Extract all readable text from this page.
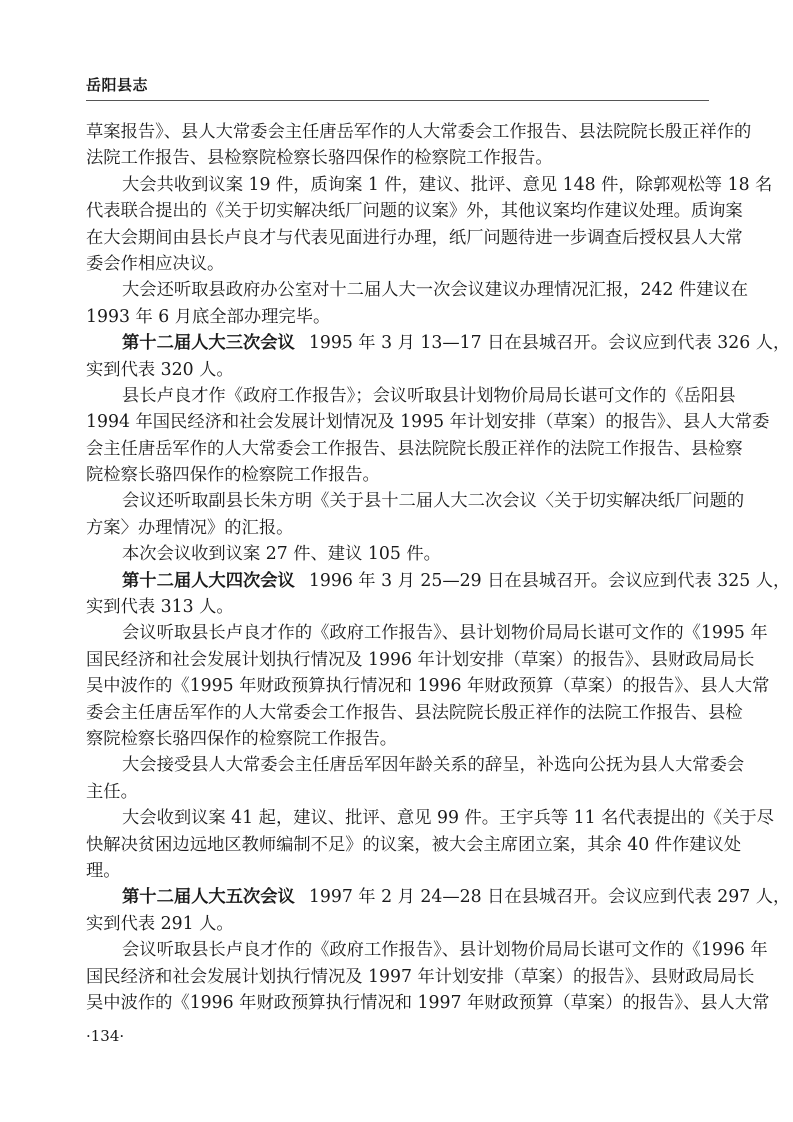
岳阳县志
草案报告》、县人大常委会主任唐岳军作的人大常委会工作报告、县法院院长殷正祥作的
法院工作报告、县检察院检察长骆四保作的检察院工作报告。
大会共收到议案 19 件，质询案 1 件，建议、批评、意见 148 件，除郭观松等 18 名
代表联合提出的《关于切实解决纸厂问题的议案》外，其他议案均作建议处理。质询案
在大会期间由县长卢良才与代表见面进行办理，纸厂问题待进一步调查后授权县人大常
委会作相应决议。
大会还听取县政府办公室对十二届人大一次会议建议办理情况汇报，242 件建议在
1993 年 6 月底全部办理完毕。
第十二届人大三次会议 1995 年 3 月 13—17 日在县城召开。会议应到代表 326 人，
实到代表 320 人。
县长卢良才作《政府工作报告》；会议听取县计划物价局局长谌可文作的《岳阳县
1994 年国民经济和社会发展计划情况及 1995 年计划安排（草案）的报告》、县人大常委
会主任唐岳军作的人大常委会工作报告、县法院院长殷正祥作的法院工作报告、县检察
院检察长骆四保作的检察院工作报告。
会议还听取副县长朱方明《关于县十二届人大二次会议〈关于切实解决纸厂问题的
方案〉办理情况》的汇报。
本次会议收到议案 27 件、建议 105 件。
第十二届人大四次会议 1996 年 3 月 25—29 日在县城召开。会议应到代表 325 人，
实到代表 313 人。
会议听取县长卢良才作的《政府工作报告》、县计划物价局局长谌可文作的《1995 年
国民经济和社会发展计划执行情况及 1996 年计划安排（草案）的报告》、县财政局局长
吴中波作的《1995 年财政预算执行情况和 1996 年财政预算（草案）的报告》、县人大常
委会主任唐岳军作的人大常委会工作报告、县法院院长殷正祥作的法院工作报告、县检
察院检察长骆四保作的检察院工作报告。
大会接受县人大常委会主任唐岳军因年龄关系的辞呈，补选向公抚为县人大常委会
主任。
大会收到议案 41 起，建议、批评、意见 99 件。王宇兵等 11 名代表提出的《关于尽
快解决贫困边远地区教师编制不足》的议案，被大会主席团立案，其余 40 件作建议处
理。
第十二届人大五次会议 1997 年 2 月 24—28 日在县城召开。会议应到代表 297 人，
实到代表 291 人。
会议听取县长卢良才作的《政府工作报告》、县计划物价局局长谌可文作的《1996 年
国民经济和社会发展计划执行情况及 1997 年计划安排（草案）的报告》、县财政局局长
吴中波作的《1996 年财政预算执行情况和 1997 年财政预算（草案）的报告》、县人大常
·134·
